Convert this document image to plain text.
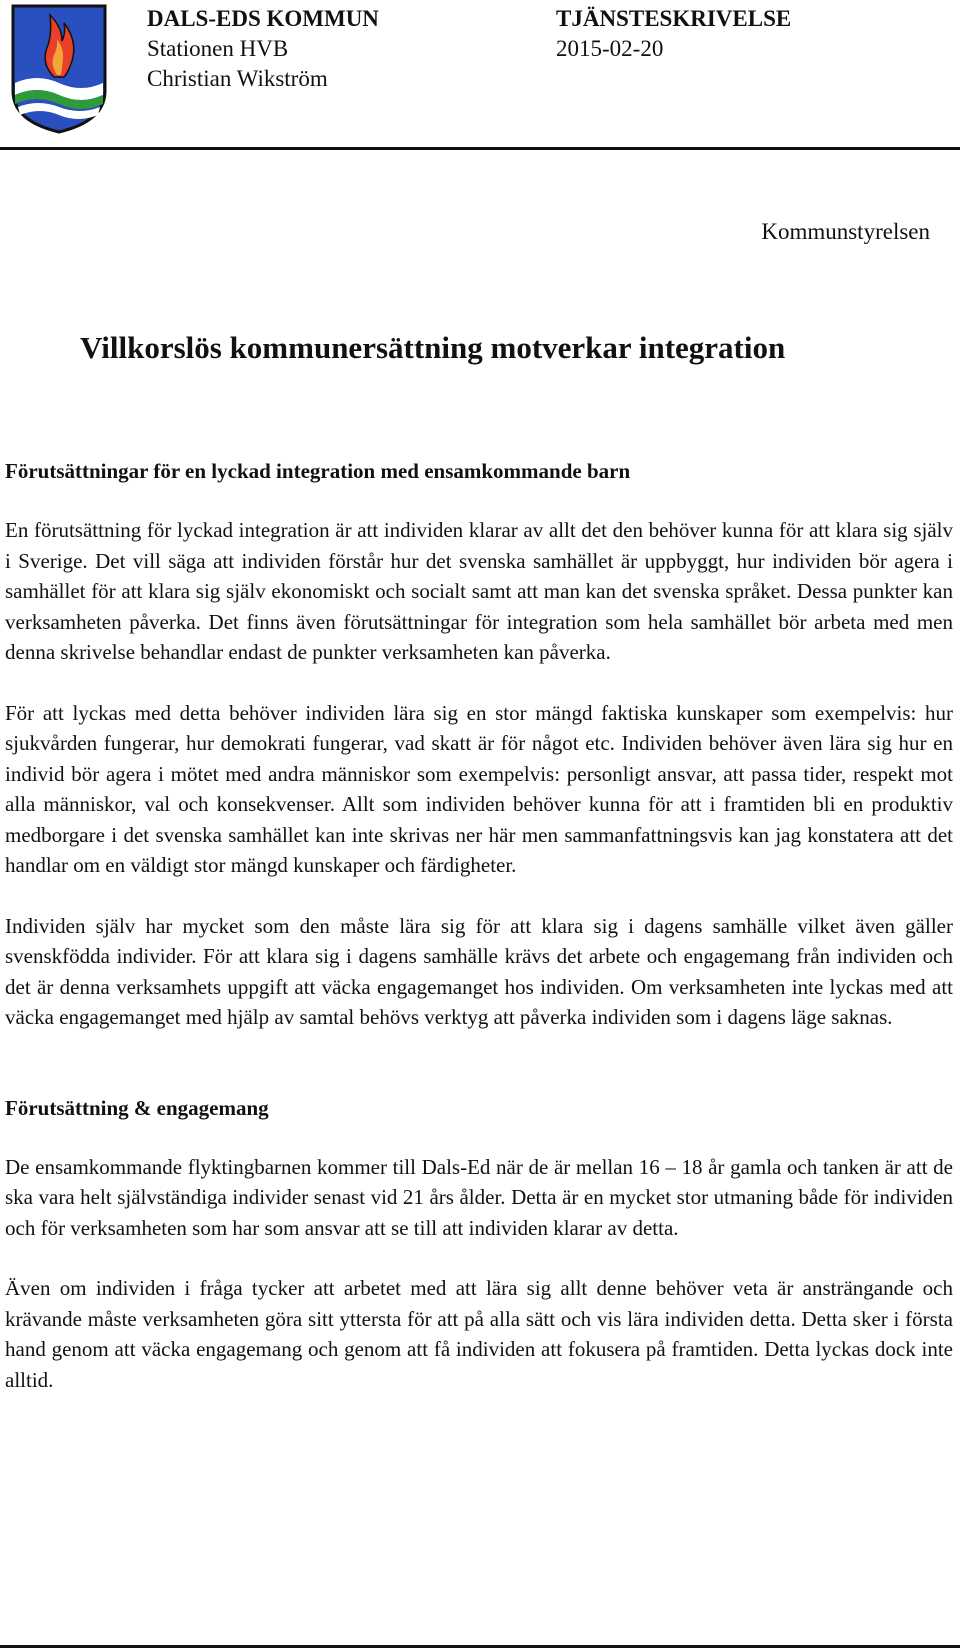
DALS-EDS KOMMUN
Stationen HVB
Christian Wikström
TJÄNSTESKRIVELSE
2015-02-20
Kommunstyrelsen
Villkorslös kommunersättning motverkar integration
Förutsättningar för en lyckad integration med ensamkommande barn

En förutsättning för lyckad integration är att individen klarar av allt det den behöver kunna för att klara sig själv i Sverige. Det vill säga att individen förstår hur det svenska samhället är uppbyggt, hur individen bör agera i samhället för att klara sig själv ekonomiskt och socialt samt att man kan det svenska språket. Dessa punkter kan verksamheten påverka. Det finns även förutsättningar för integration som hela samhället bör arbeta med men denna skrivelse behandlar endast de punkter verksamheten kan påverka.

För att lyckas med detta behöver individen lära sig en stor mängd faktiska kunskaper som exempelvis: hur sjukvården fungerar, hur demokrati fungerar, vad skatt är för något etc. Individen behöver även lära sig hur en individ bör agera i mötet med andra människor som exempelvis: personligt ansvar, att passa tider, respekt mot alla människor, val och konsekvenser. Allt som individen behöver kunna för att i framtiden bli en produktiv medborgare i det svenska samhället kan inte skrivas ner här men sammanfattningsvis kan jag konstatera att det handlar om en väldigt stor mängd kunskaper och färdigheter.

Individen själv har mycket som den måste lära sig för att klara sig i dagens samhälle vilket även gäller svenskfödda individer. För att klara sig i dagens samhälle krävs det arbete och engagemang från individen och det är denna verksamhets uppgift att väcka engagemanget hos individen. Om verksamheten inte lyckas med att väcka engagemanget med hjälp av samtal behövs verktyg att påverka individen som i dagens läge saknas.

Förutsättning & engagemang

De ensamkommande flyktingbarnen kommer till Dals-Ed när de är mellan 16 – 18 år gamla och tanken är att de ska vara helt självständiga individer senast vid 21 års ålder. Detta är en mycket stor utmaning både för individen och för verksamheten som har som ansvar att se till att individen klarar av detta.

Även om individen i fråga tycker att arbetet med att lära sig allt denne behöver veta är ansträngande och krävande måste verksamheten göra sitt yttersta för att på alla sätt och vis lära individen detta. Detta sker i första hand genom att väcka engagemang och genom att få individen att fokusera på framtiden. Detta lyckas dock inte alltid.
